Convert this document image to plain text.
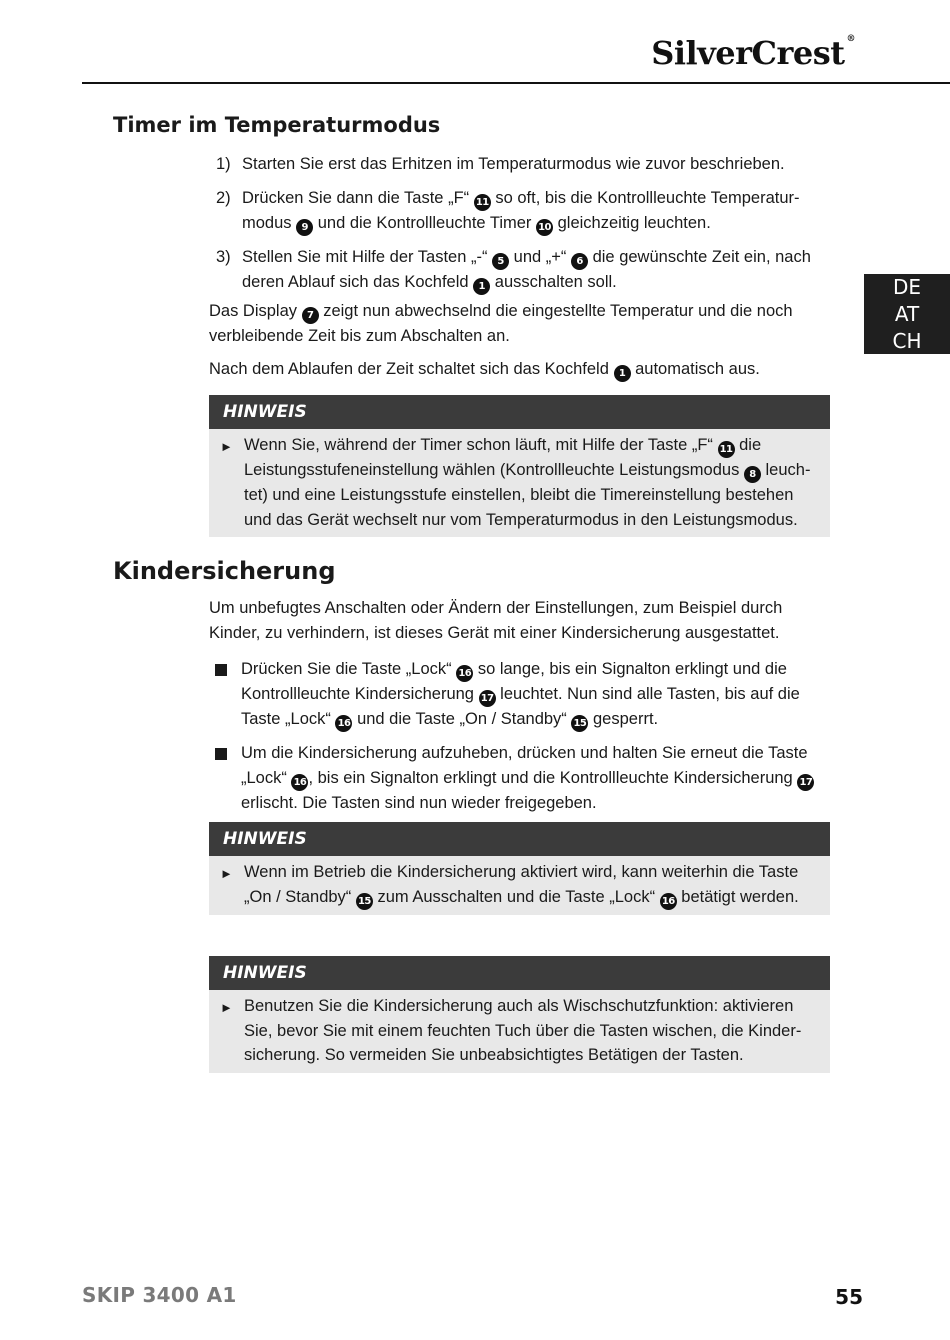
SilverCrest ®
DE
AT
CH
Timer im Temperaturmodus
1) Starten Sie erst das Erhitzen im Temperaturmodus wie zuvor beschrieben.
2) Drücken Sie dann die Taste „F“ 11 so oft, bis die Kontrollleuchte Temperatur-modus 9 und die Kontrollleuchte Timer 10 gleichzeitig leuchten.
3) Stellen Sie mit Hilfe der Tasten „-“ 5 und „+“ 6 die gewünschte Zeit ein, nach deren Ablauf sich das Kochfeld 1 ausschalten soll.
Das Display 7 zeigt nun abwechselnd die eingestellte Temperatur und die noch verbleibende Zeit bis zum Abschalten an.
Nach dem Ablaufen der Zeit schaltet sich das Kochfeld 1 automatisch aus.
HINWEIS
► Wenn Sie, während der Timer schon läuft, mit Hilfe der Taste „F“ 11 die Leistungsstufeneinstellung wählen (Kontrollleuchte Leistungsmodus 8 leuch-tet) und eine Leistungsstufe einstellen, bleibt die Timereinstellung bestehen und das Gerät wechselt nur vom Temperaturmodus in den Leistungsmodus.
Kindersicherung
Um unbefugtes Anschalten oder Ändern der Einstellungen, zum Beispiel durch Kinder, zu verhindern, ist dieses Gerät mit einer Kindersicherung ausgestattet.
Drücken Sie die Taste „Lock“ 16 so lange, bis ein Signalton erklingt und die Kontrollleuchte Kindersicherung 17 leuchtet. Nun sind alle Tasten, bis auf die Taste „Lock“ 16 und die Taste „On / Standby“ 15 gesperrt.
Um die Kindersicherung aufzuheben, drücken und halten Sie erneut die Taste „Lock“ 16 , bis ein Signalton erklingt und die Kontrollleuchte Kindersicherung 17 erlischt. Die Tasten sind nun wieder freigegeben.
HINWEIS
► Wenn im Betrieb die Kindersicherung aktiviert wird, kann weiterhin die Taste „On / Standby“ 15 zum Ausschalten und die Taste „Lock“ 16 betätigt werden.
HINWEIS
► Benutzen Sie die Kindersicherung auch als Wischschutzfunktion: aktivieren Sie, bevor Sie mit einem feuchten Tuch über die Tasten wischen, die Kinder-sicherung. So vermeiden Sie unbeabsichtigtes Betätigen der Tasten.
SKIP 3400 A1	55
